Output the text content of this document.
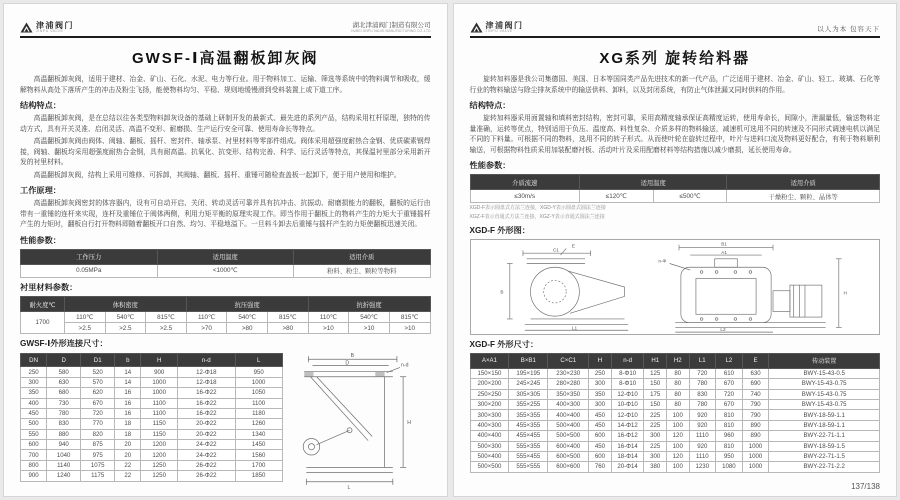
津浦阀门
JINPU VALVE
湖北津浦阀门制造有限公司
HUBEI JINPU VALVE MANUFACTURING CO.,LTD
GWSF-Ⅰ高温翻板卸灰阀

高温翻板卸灰阀，适用于建材、冶金、矿山、石化、水泥、电力等行业。用于物料加工、运输、筛选等系统中的物料调节和吸收，缓解物料从高处下落所产生的冲击及粉尘飞扬，能使物料均匀、平稳、规则地缓慢滑到受料装置上或下道工序。

结构特点：

高温翻板卸灰阀，是在总结以往各类型物料卸灰设备的基础上研制开发的最新式、最先进的系列产品，结构采用杠杆原理，独特的传动方式，具有开关灵准、启闭灵活、高温不变形、耐磨损、生产运行安全可靠、使用寿命长等特点。

高温翻板卸灰阀由阀体、阀轴、翻板、摇杆、密封件、轴承泵、衬里材料等零部件组成。阀体采用超强度耐热合金钢、优质碳素钢焊接，阀轴、翻板均采用超强度耐热合金钢，具有耐高温、抗氧化、抗变形、结构完善、科学、运行灵活等特点，其保温衬里部分采用新开发的衬里材料。

高温翻板卸灰阀，结构上采用可维修、可拆卸，其阀轴、翻板、摇杆、重锤可随检查盖板一起卸下，便于用户使用和维护。

工作原理：

高温翻板卸灰阀密封的体容器内，设有可自动开启、关闭、转动灵活可靠并具有抗冲击、抗振动、耐磨损能力的翻板，翻板的运行由带有一重锤的连杆来实现，连杆及重锤位于阀体两侧，利用力矩平衡的原理实现工作。即当作用于翻板上的物料产生的力矩大于重锤摇杆产生的力矩时，翻板自行打开物料即随着翻板开口自然、均匀、平稳地溢下。一旦料斗卸去后重锤与摇杆产生的力矩使翻板迅速关闭。

性能参数：
工作压力	适用温度	适用介质
0.05MPa	<1000℃	粉料、粉尘、颗粒等物料
衬里材料参数：
耐火度℃	体积密度			抗压强度			抗折强度		
1700	110℃	540℃	815℃	110℃	540℃	815℃	110℃	540℃	815℃
	>2.5	>2.5	>2.5	>70	>80	>80	>10	>10	>10
GWSF-Ⅰ外形连接尺寸：
DN	D	D1	b	H	n-d	L
250	580	520	14	900	12-Φ18	950
300	630	570	14	1000	12-Φ18	1000
350	680	620	16	1000	16-Φ22	1050
400	730	670	16	1100	16-Φ22	1100
450	780	720	16	1100	16-Φ22	1180
500	830	770	18	1150	20-Φ22	1260
550	880	820	18	1150	20-Φ22	1340
600	940	875	20	1200	24-Φ22	1450
700	1040	975	20	1200	24-Φ22	1560
800	1140	1075	22	1250	26-Φ22	1700
900	1240	1175	22	1250	26-Φ22	1850
B
D	n-d
H
L
津浦阀门
JINPU VALVE	以人为本 包容天下
XG系列 旋转给料器

旋转加料器是我公司集德国、美国、日本等国同类产品先进技术的新一代产品，广泛适用于建材、冶金、矿山、轻工、玻璃、石化等行业的物料输送与除尘排灰系统中的输送供料、卸料，以及封闭系统，有防止气体泄漏又同时供料的作用。

结构特点：

旋转加料器采用面置轴和填料密封结构，密封可靠，采用高精度轴承保证高精度运转，使用寿命长，间隙小，泄漏量低，输送物料定量准确，运转等优点，特别适用于负压、温度高、料性复杂、介质多样的物料输送，减速机可选用不同的转速及不同形式调速电机以满足不同的下料量。可根据不同的物料，选用不同的转子形式。从而使叶轮在旋转过程中，叶片与进料口流及物料更好配合，有利于物料顺利输送，可根据物料性质采用加装配磨衬板、活动叶片及采用配磨材料等结构措施以减少磨损，延长使用寿命。

性能参数：
介质流速	适用温度		适用介质
≤30m/s	≤120℃	≤500℃	干燥粉尘、颗粒、晶体等
XGD-F表示圆盘式方法兰连接，XGD-Y表示圆盘式圆法兰连接
XGZ-F表示直通式方法兰连接，XGZ-Y表示直通式圆法兰连接
XGD-F 外形图：
E
C1
B
L1
B1
A1
n-Φ
H
L2
XGD-F 外形尺寸：
A×A1	B×B1	C×C1	H	n-d	H1	H2	L1	L2	E	传动装置
150×150	195×195	230×230	250	8-Φ10	125	80	720	610	630	BWY-15-43-0.5
200×200	245×245	280×280	300	8-Φ10	150	80	780	670	690	BWY-15-43-0.75
250×250	305×305	350×350	350	12-Φ10	175	80	830	720	740	BWY-15-43-0.75
300×200	355×255	400×300	300	10-Φ10	150	80	780	670	790	BWY-15-43-0.75
300×300	355×355	400×400	450	12-Φ10	225	100	920	810	790	BWY-18-59-1.1
400×300	455×355	500×400	450	14-Φ12	225	100	920	810	890	BWY-18-59-1.1
400×400	455×455	500×500	600	16-Φ12	300	120	1110	960	890	BWY-22-71-1.1
500×300	555×355	600×400	450	16-Φ14	225	100	920	810	1000	BWY-18-59-1.5
500×400	555×455	600×500	600	18-Φ14	300	120	1110	950	1000	BWY-22-71-1.5
500×500	555×555	600×600	760	20-Φ14	380	100	1230	1080	1000	BWY-22-71-2.2
137/138
